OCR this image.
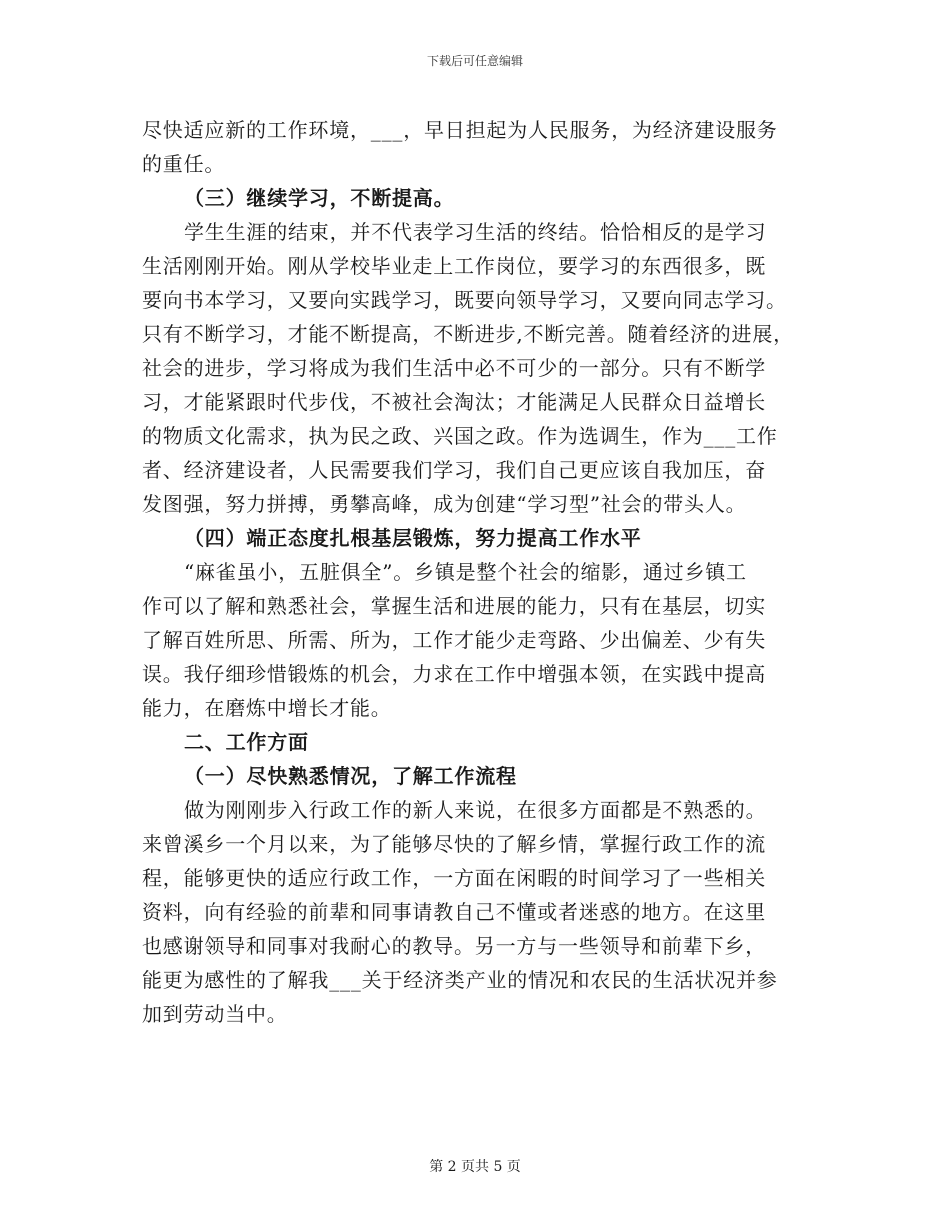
下载后可任意编辑
尽快适应新的工作环境，___，早日担起为人民服务，为经济建设服务
的重任。
（三）继续学习，不断提高。
学生生涯的结束，并不代表学习生活的终结。恰恰相反的是学习
生活刚刚开始。刚从学校毕业走上工作岗位，要学习的东西很多，既
要向书本学习，又要向实践学习，既要向领导学习，又要向同志学习。
只有不断学习，才能不断提高，不断进步,不断完善。随着经济的进展，
社会的进步，学习将成为我们生活中必不可少的一部分。只有不断学
习，才能紧跟时代步伐，不被社会淘汰；才能满足人民群众日益增长
的物质文化需求，执为民之政、兴国之政。作为选调生，作为___工作
者、经济建设者，人民需要我们学习，我们自己更应该自我加压，奋
发图强，努力拼搏，勇攀高峰，成为创建“学习型”社会的带头人。
（四）端正态度扎根基层锻炼，努力提高工作水平
“麻雀虽小，五脏俱全”。乡镇是整个社会的缩影，通过乡镇工
作可以了解和熟悉社会，掌握生活和进展的能力，只有在基层，切实
了解百姓所思、所需、所为，工作才能少走弯路、少出偏差、少有失
误。我仔细珍惜锻炼的机会，力求在工作中增强本领，在实践中提高
能力，在磨炼中增长才能。
二、工作方面
（一）尽快熟悉情况，了解工作流程
做为刚刚步入行政工作的新人来说，在很多方面都是不熟悉的。
来曾溪乡一个月以来，为了能够尽快的了解乡情，掌握行政工作的流
程，能够更快的适应行政工作，一方面在闲暇的时间学习了一些相关
资料，向有经验的前辈和同事请教自己不懂或者迷惑的地方。在这里
也感谢领导和同事对我耐心的教导。另一方与一些领导和前辈下乡，
能更为感性的了解我___关于经济类产业的情况和农民的生活状况并参
加到劳动当中。
第 2 页共 5 页
